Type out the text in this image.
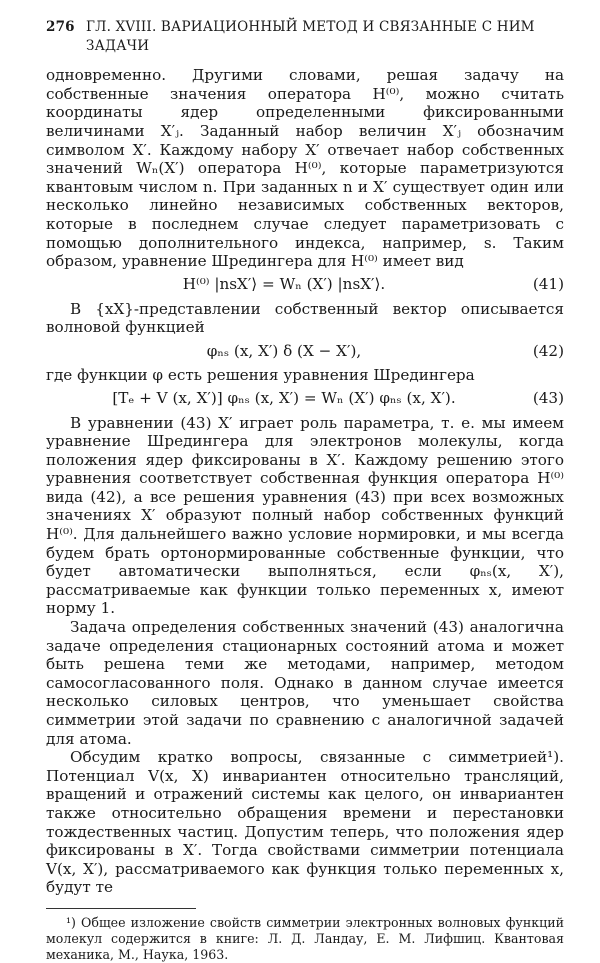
276 ГЛ. XVIII. ВАРИАЦИОННЫЙ МЕТОД И СВЯЗАННЫЕ С НИМ ЗАДАЧИ

одновременно. Другими словами, решая задачу на собственные значения оператора H⁽⁰⁾, можно считать координаты ядер определенными фиксированными величинами X′ⱼ. Заданный набор величин X′ⱼ обозначим символом X′. Каждому набору X′ отвечает набор собственных значений Wₙ(X′) оператора H⁽⁰⁾, которые параметризуются квантовым числом n. При заданных n и X′ существует один или несколько линейно независимых собственных векторов, которые в последнем случае следует параметризовать с помощью дополнительного индекса, например, s. Таким образом, уравнение Шредингера для H⁽⁰⁾ имеет вид

H⁽⁰⁾ |nsX′⟩ = Wₙ (X′) |nsX′⟩.	(41)

В {xX}-представлении собственный вектор описывается волновой функцией

φₙₛ (x, X′) δ (X − X′),	(42)

где функции φ есть решения уравнения Шредингера

[Tₑ + V (x, X′)] φₙₛ (x, X′) = Wₙ (X′) φₙₛ (x, X′).	(43)

В уравнении (43) X′ играет роль параметра, т. е. мы имеем уравнение Шредингера для электронов молекулы, когда положения ядер фиксированы в X′. Каждому решению этого уравнения соответствует собственная функция оператора H⁽⁰⁾ вида (42), а все решения уравнения (43) при всех возможных значениях X′ образуют полный набор собственных функций H⁽⁰⁾. Для дальнейшего важно условие нормировки, и мы всегда будем брать ортонормированные собственные функции, что будет автоматически выполняться, если φₙₛ(x, X′), рассматриваемые как функции только переменных x, имеют норму 1.

Задача определения собственных значений (43) аналогична задаче определения стационарных состояний атома и может быть решена теми же методами, например, методом самосогласованного поля. Однако в данном случае имеется несколько силовых центров, что уменьшает свойства симметрии этой задачи по сравнению с аналогичной задачей для атома.

Обсудим кратко вопросы, связанные с симметрией¹). Потенциал V(x, X) инвариантен относительно трансляций, вращений и отражений системы как целого, он инвариантен также относительно обращения времени и перестановки тождественных частиц. Допустим теперь, что положения ядер фиксированы в X′. Тогда свойствами симметрии потенциала V(x, X′), рассматриваемого как функция только переменных x, будут те

¹) Общее изложение свойств симметрии электронных волновых функций молекул содержится в книге: Л. Д. Ландау, Е. М. Лифшиц. Квантовая механика, М., Наука, 1963.
